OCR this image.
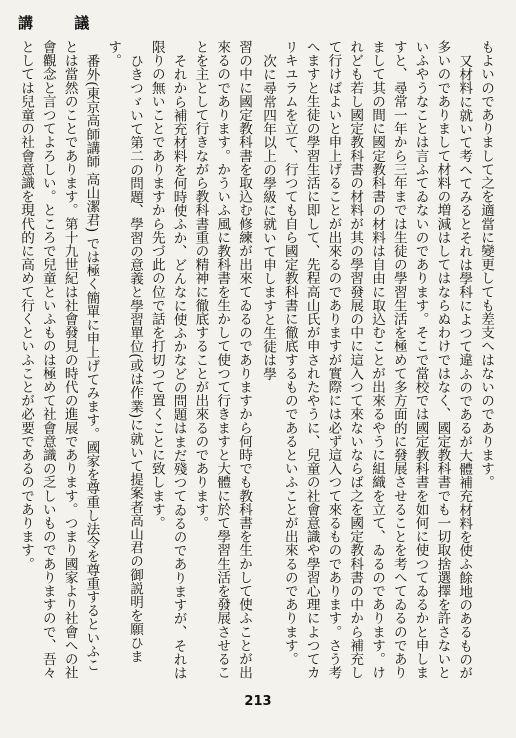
講 議

もよいのでありまして之を適當に變更しても差支へはないのであります。

又材料に就いて考へてみるとそれは學科によつて違ふのであるが大體補充材料を使ふ餘地のあるものが多いのでありまして材料の増減はしてはならぬわけではなく、國定教科書でも一切取捨選擇を許さないといふやうなことは言ふてゐないのであります。そこで當校では國定教科書を如何に使つてゐるかと申しますと、尋常一年から三年までは生徒の學習生活を極めて多方面的に發展させることを考へてゐるのでありまして其の間に國定教科書の材料は自由に取込むことが出來るやうに組織を立て、ゐるのであります。けれども若し國定教科書の材料が其の學習發展の中に這入つて來ないならば之を國定教科書の中から補充して行けばよいと申上げることが出來るのでありますが實際には必ず這入つて來るものであります。さう考へますと生徒の學習生活に即して、先程高山氏が申されたやうに、兒童の社會意識や學習心理によつてカリキユラムを立て、行つても自ら國定教科書に徹底するものであるといふことが出來るのであります。

次に尋常四年以上の學級に就いて申しますと生徒は學

習の中に國定教科書を取込む修練が出來てゐるのでありますから何時でも教科書を生かして使ふことが出來るのであります。かういふ風に教科書を生かして使つて行きますと大體に於て學習生活を發展させることを主として行きながら教科書重の精神に徹底することが出來るのであります。

それから補充材料を何時使ふか、どんなに使ふかなどの問題はまだ殘つてゐるのでありますが、それは限りの無いことでありますから先づ此の位で話を打切つて置くことに致します。

ひきつゞいて第二の問題、學習の意義と學習單位(或は作業)に就いて提案者高山君の御説明を願ひます。

番外(東京高師講師 高山潔君) では極く簡單に申上げてみます。國家を尊重し法令を尊重するといふことは當然のことであります。第十九世紀は社會發見の時代の進展であります。つまり國家より社會への社會觀念と言つてよろしい。ところで兒童といふものは極めて社會意識の乏しいものでありますので、吾々としては兒童の社會意識を現代的に高めて行くといふことが必要であるのであります。

213
